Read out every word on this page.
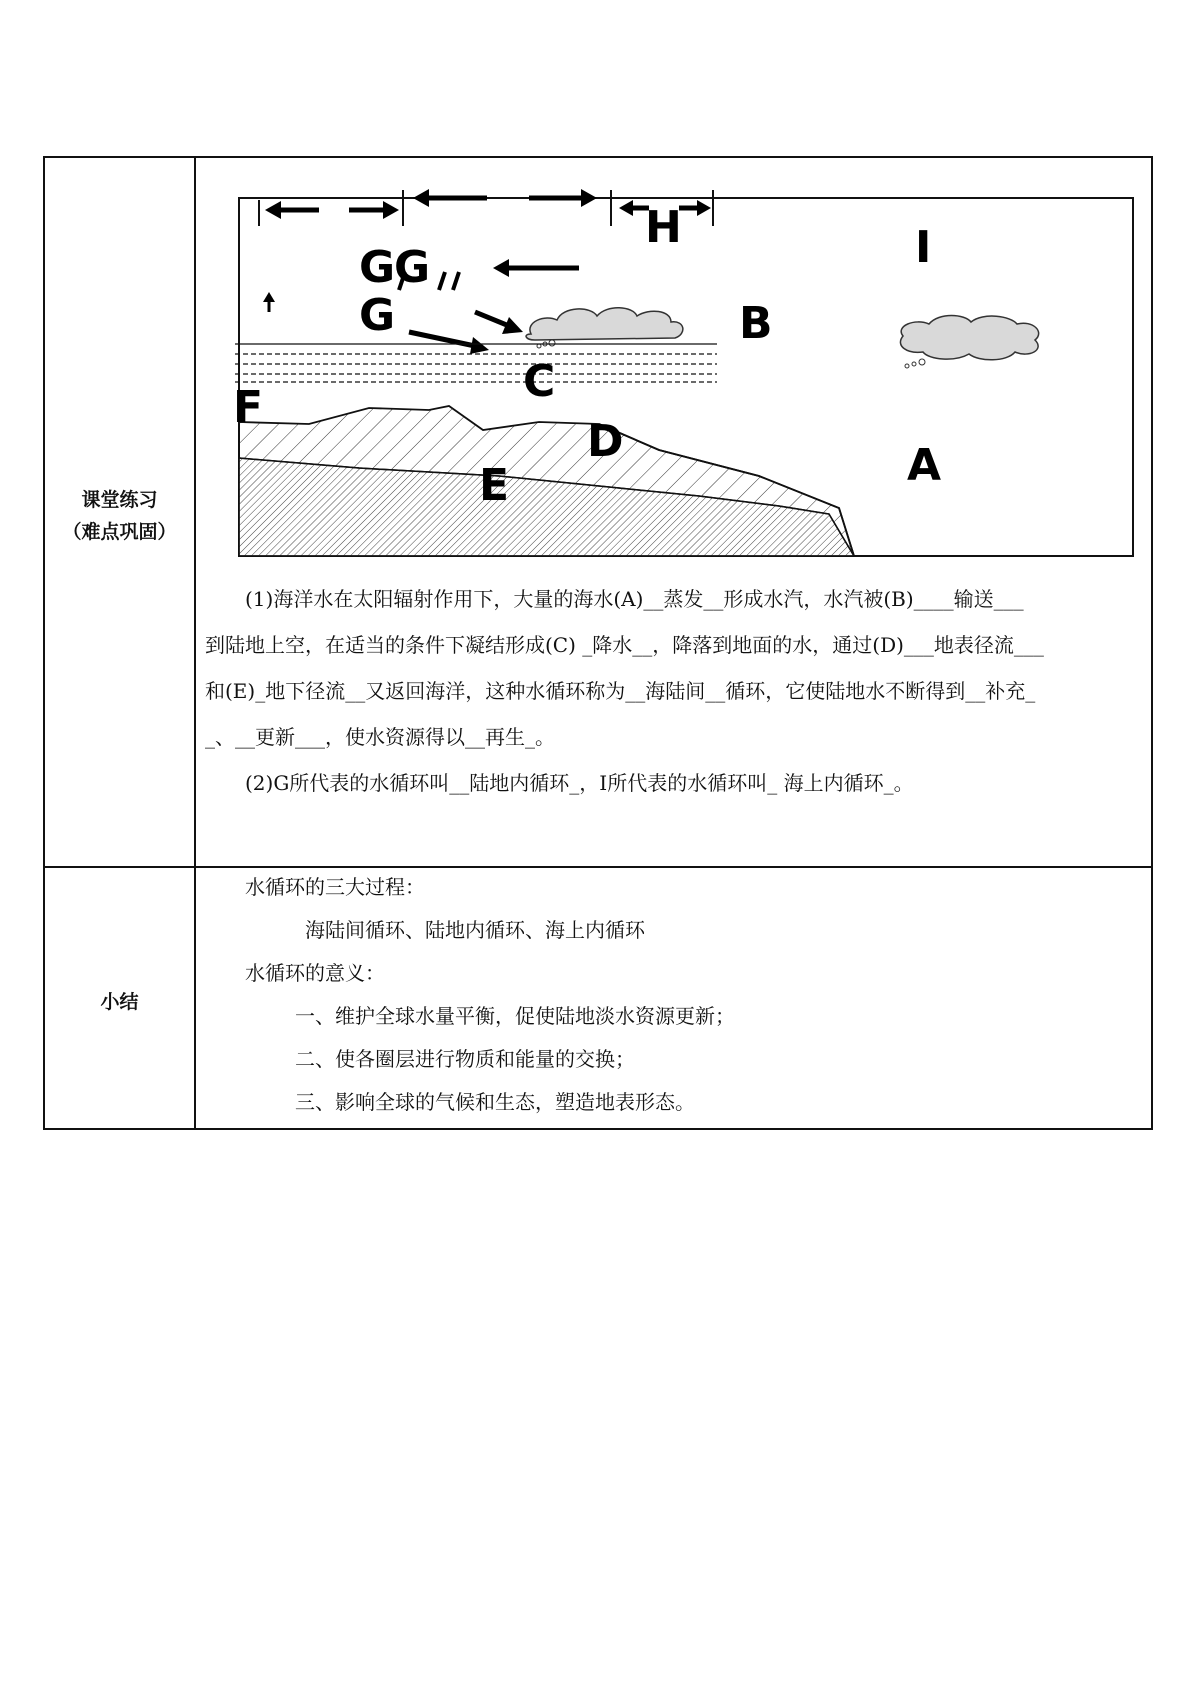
课堂练习
（难点巩固）
小结
G
G
G
H	I
B
F
C
D
E	A

(1)海洋水在太阳辐射作用下，大量的海水(A)__蒸发__形成水汽，水汽被(B)____输送___

到陆地上空，在适当的条件下凝结形成(C) _降水__，降落到地面的水，通过(D)___地表径流___

和(E)_地下径流__又返回海洋，这种水循环称为__海陆间__循环，它使陆地水不断得到__补充_

_、__更新___，使水资源得以__再生_。

(2)G所代表的水循环叫__陆地内循环_，I所代表的水循环叫_ 海上内循环_。

水循环的三大过程：

海陆间循环、陆地内循环、海上内循环

水循环的意义：

一、维护全球水量平衡，促使陆地淡水资源更新；

二、使各圈层进行物质和能量的交换；

三、影响全球的气候和生态，塑造地表形态。
